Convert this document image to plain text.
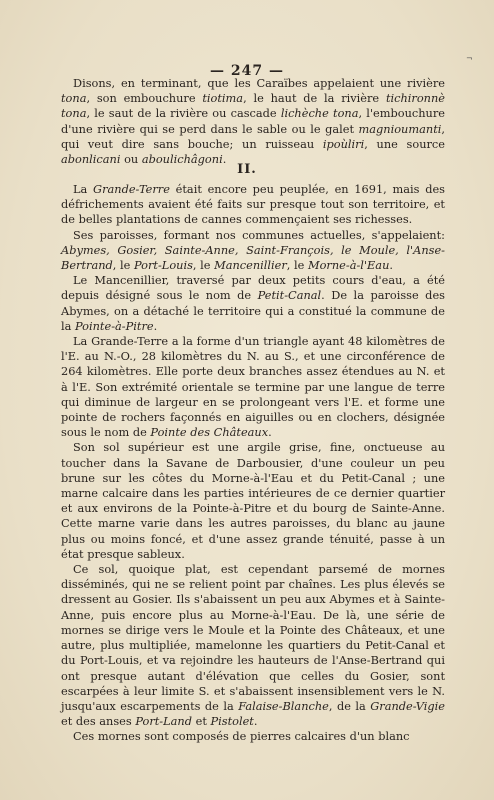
¬
— 247 —

Disons, en terminant, que les Caraïbes appelaient une rivière tona, son embouchure tiotima, le haut de la rivière tichironnè tona, le saut de la rivière ou cascade lichèche tona, l'embouchure d'une rivière qui se perd dans le sable ou le galet magnioumanti, qui veut dire sans bouche; un ruisseau ipoùliri, une source abonlicani ou aboulichâgoni.

II.

La Grande-Terre était encore peu peuplée, en 1691, mais des défrichements avaient été faits sur presque tout son territoire, et de belles plantations de cannes commençaient ses richesses.

Ses paroisses, formant nos communes actuelles, s'appelaient: Abymes, Gosier, Sainte-Anne, Saint-François, le Moule, l'Anse-Bertrand, le Port-Louis, le Mancenillier, le Morne-à-l'Eau.

Le Mancenillier, traversé par deux petits cours d'eau, a été depuis désigné sous le nom de Petit-Canal. De la paroisse des Abymes, on a détaché le territoire qui a constitué la commune de la Pointe-à-Pitre.

La Grande-Terre a la forme d'un triangle ayant 48 kilomètres de l'E. au N.-O., 28 kilomètres du N. au S., et une circonférence de 264 kilomètres. Elle porte deux branches assez étendues au N. et à l'E. Son extrémité orientale se termine par une langue de terre qui diminue de largeur en se prolongeant vers l'E. et forme une pointe de rochers façonnés en aiguilles ou en clochers, désignée sous le nom de Pointe des Châteaux.

Son sol supérieur est une argile grise, fine, onctueuse au toucher dans la Savane de Darbousier, d'une couleur un peu brune sur les côtes du Morne-à-l'Eau et du Petit-Canal ; une marne calcaire dans les parties intérieures de ce dernier quartier et aux environs de la Pointe-à-Pitre et du bourg de Sainte-Anne. Cette marne varie dans les autres paroisses, du blanc au jaune plus ou moins foncé, et d'une assez grande ténuité, passe à un état presque sableux.

Ce sol, quoique plat, est cependant parsemé de mornes disséminés, qui ne se relient point par chaînes. Les plus élevés se dressent au Gosier. Ils s'abaissent un peu aux Abymes et à Sainte-Anne, puis encore plus au Morne-à-l'Eau. De là, une série de mornes se dirige vers le Moule et la Pointe des Châteaux, et une autre, plus multipliée, mamelonne les quartiers du Petit-Canal et du Port-Louis, et va rejoindre les hauteurs de l'Anse-Bertrand qui ont presque autant d'élévation que celles du Gosier, sont escarpées à leur limite S. et s'abaissent insensiblement vers le N. jusqu'aux escarpements de la Falaise-Blanche, de la Grande-Vigie et des anses Port-Land et Pistolet.

Ces mornes sont composés de pierres calcaires d'un blanc
